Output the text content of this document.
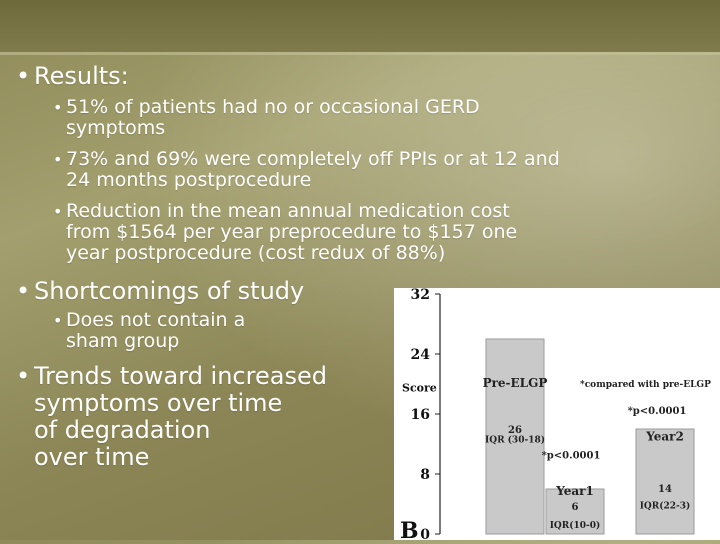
• Results:
• 51% of patients had no or occasional GERD
symptoms
• 73% and 69% were completely off PPIs or at 12 and
24 months postprocedure
• Reduction in the mean annual medication cost
from $1564 per year preprocedure to $157 one
year postprocedure (cost redux of 88%)
• Shortcomings of study
• Does not contain a
sham group
• Trends toward increased
symptoms over time
of degradation
over time
0
8
16
24
32
Score	Pre-ELGP
Year1
Year2
26
6
14
IQR (30-18)
IQR(10-0)
IQR(22-3)
*p<0.0001
*p<0.0001
*compared with pre-ELGP
B
